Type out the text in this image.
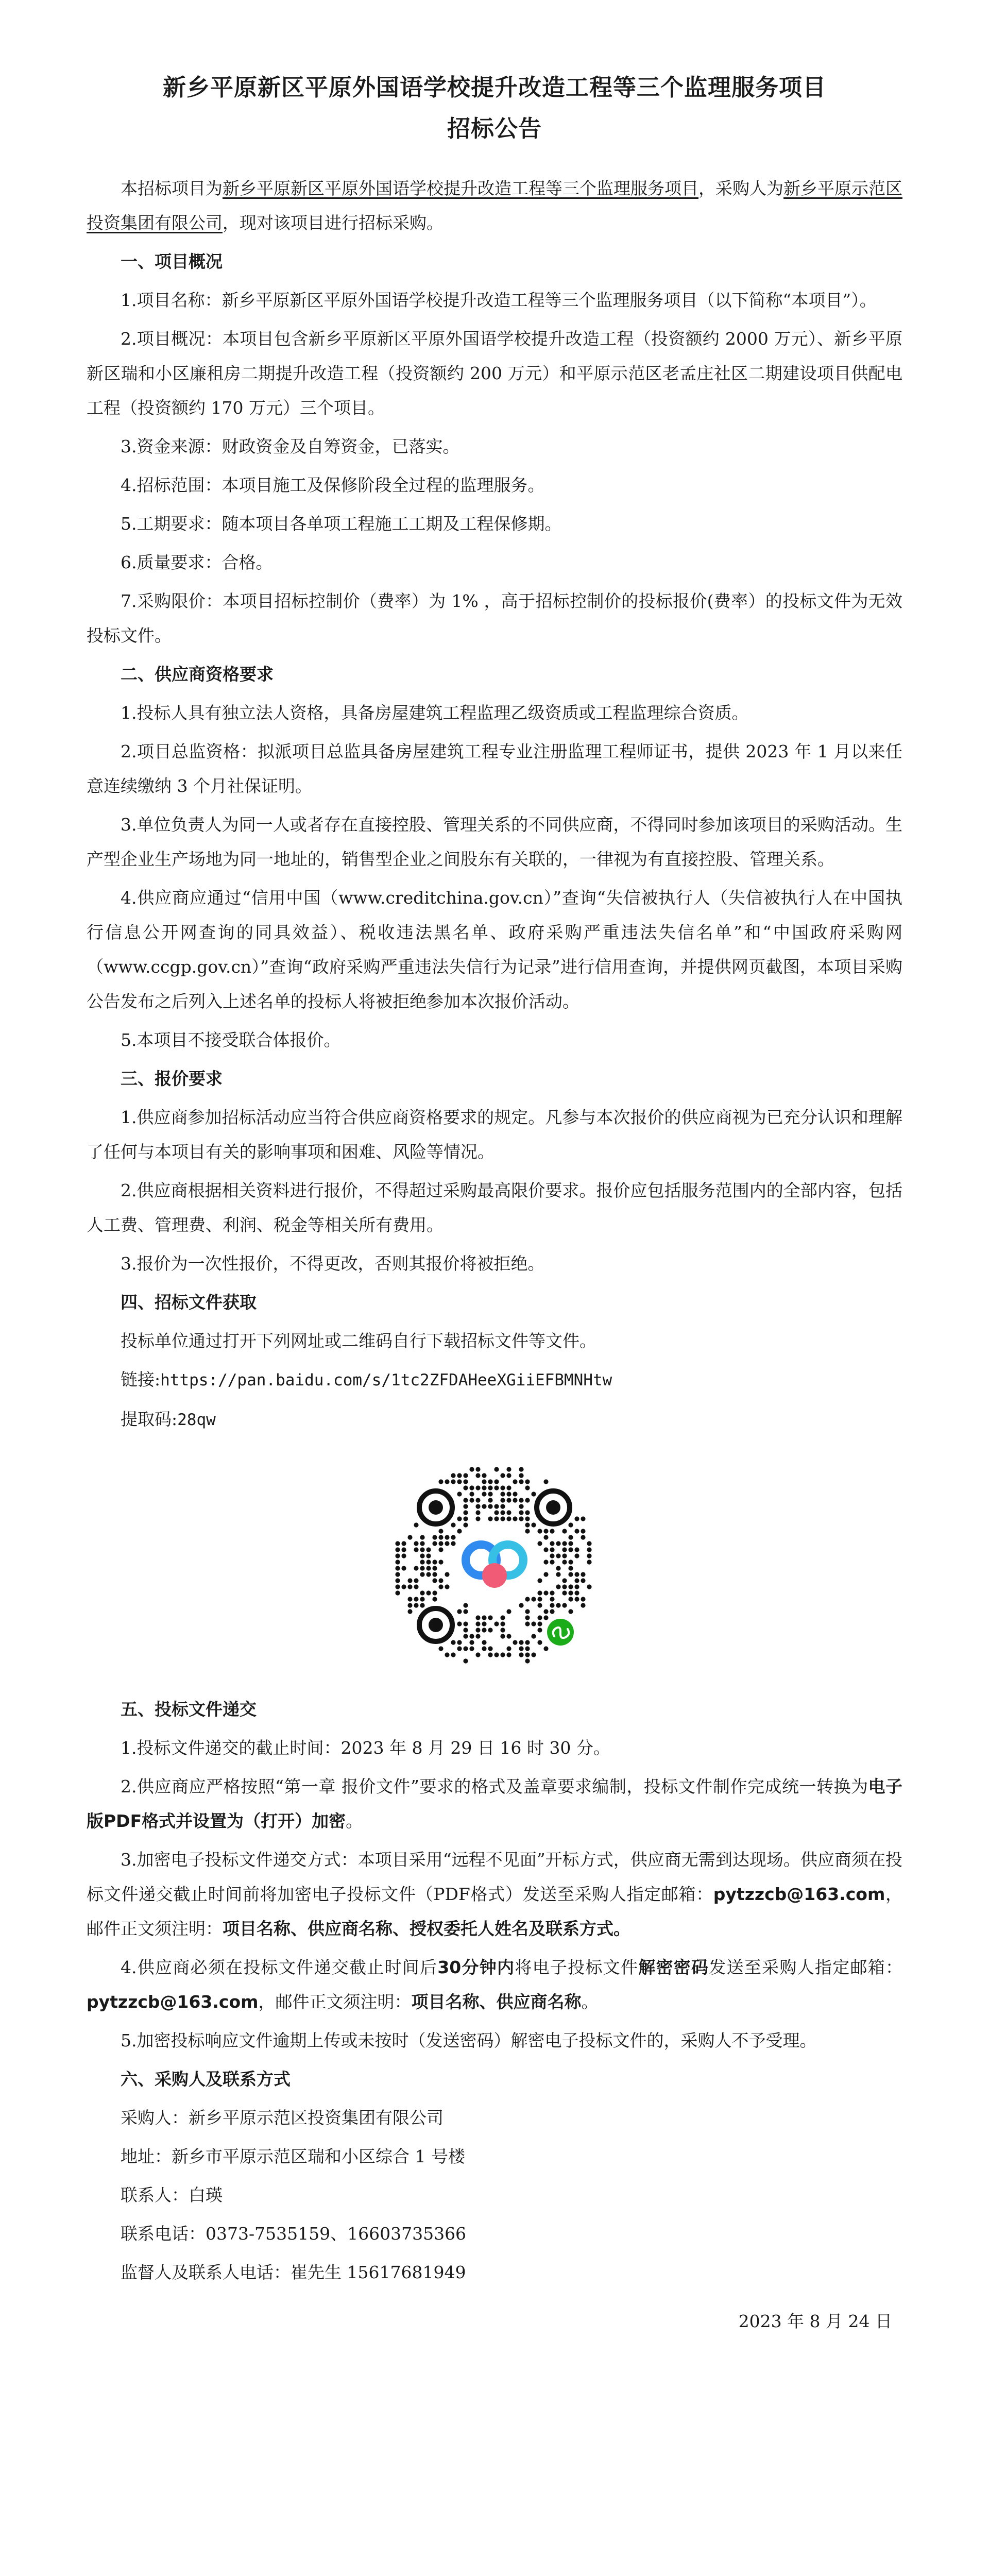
新乡平原新区平原外国语学校提升改造工程等三个监理服务项目
招标公告

本招标项目为新乡平原新区平原外国语学校提升改造工程等三个监理服务项目，采购人为新乡平原示范区投资集团有限公司，现对该项目进行招标采购。

一、项目概况

1.项目名称：新乡平原新区平原外国语学校提升改造工程等三个监理服务项目（以下简称“本项目”）。

2.项目概况：本项目包含新乡平原新区平原外国语学校提升改造工程（投资额约 2000 万元）、新乡平原新区瑞和小区廉租房二期提升改造工程（投资额约 200 万元）和平原示范区老孟庄社区二期建设项目供配电工程（投资额约 170 万元）三个项目。

3.资金来源：财政资金及自筹资金，已落实。

4.招标范围：本项目施工及保修阶段全过程的监理服务。

5.工期要求：随本项目各单项工程施工工期及工程保修期。

6.质量要求：合格。

7.采购限价：本项目招标控制价（费率）为 1% ，高于招标控制价的投标报价(费率）的投标文件为无效投标文件。

二、供应商资格要求

1.投标人具有独立法人资格，具备房屋建筑工程监理乙级资质或工程监理综合资质。

2.项目总监资格：拟派项目总监具备房屋建筑工程专业注册监理工程师证书，提供 2023 年 1 月以来任意连续缴纳 3 个月社保证明。

3.单位负责人为同一人或者存在直接控股、管理关系的不同供应商，不得同时参加该项目的采购活动。生产型企业生产场地为同一地址的，销售型企业之间股东有关联的，一律视为有直接控股、管理关系。

4.供应商应通过“信用中国（www.creditchina.gov.cn）”查询“失信被执行人（失信被执行人在中国执行信息公开网查询的同具效益）、税收违法黑名单、政府采购严重违法失信名单”和“中国政府采购网（www.ccgp.gov.cn）”查询“政府采购严重违法失信行为记录”进行信用查询，并提供网页截图，本项目采购公告发布之后列入上述名单的投标人将被拒绝参加本次报价活动。

5.本项目不接受联合体报价。

三、报价要求

1.供应商参加招标活动应当符合供应商资格要求的规定。凡参与本次报价的供应商视为已充分认识和理解了任何与本项目有关的影响事项和困难、风险等情况。

2.供应商根据相关资料进行报价，不得超过采购最高限价要求。报价应包括服务范围内的全部内容，包括人工费、管理费、利润、税金等相关所有费用。

3.报价为一次性报价，不得更改，否则其报价将被拒绝。

四、招标文件获取

投标单位通过打开下列网址或二维码自行下载招标文件等文件。

链接:https://pan.baidu.com/s/1tc2ZFDAHeeXGiiEFBMNHtw

提取码:28qw

五、投标文件递交

1.投标文件递交的截止时间：2023 年 8 月 29 日 16 时 30 分。

2.供应商应严格按照“第一章 报价文件”要求的格式及盖章要求编制，投标文件制作完成统一转换为电子版PDF格式并设置为（打开）加密。

3.加密电子投标文件递交方式：本项目采用“远程不见面”开标方式，供应商无需到达现场。供应商须在投标文件递交截止时间前将加密电子投标文件（PDF格式）发送至采购人指定邮箱：pytzzcb@163.com，邮件正文须注明：项目名称、供应商名称、授权委托人姓名及联系方式。

4.供应商必须在投标文件递交截止时间后30分钟内将电子投标文件解密密码发送至采购人指定邮箱：pytzzcb@163.com，邮件正文须注明：项目名称、供应商名称。

5.加密投标响应文件逾期上传或未按时（发送密码）解密电子投标文件的，采购人不予受理。

六、采购人及联系方式

采购人：新乡平原示范区投资集团有限公司

地址：新乡市平原示范区瑞和小区综合 1 号楼

联系人：白瑛

联系电话：0373-7535159、16603735366

监督人及联系人电话：崔先生 15617681949

2023 年 8 月 24 日
